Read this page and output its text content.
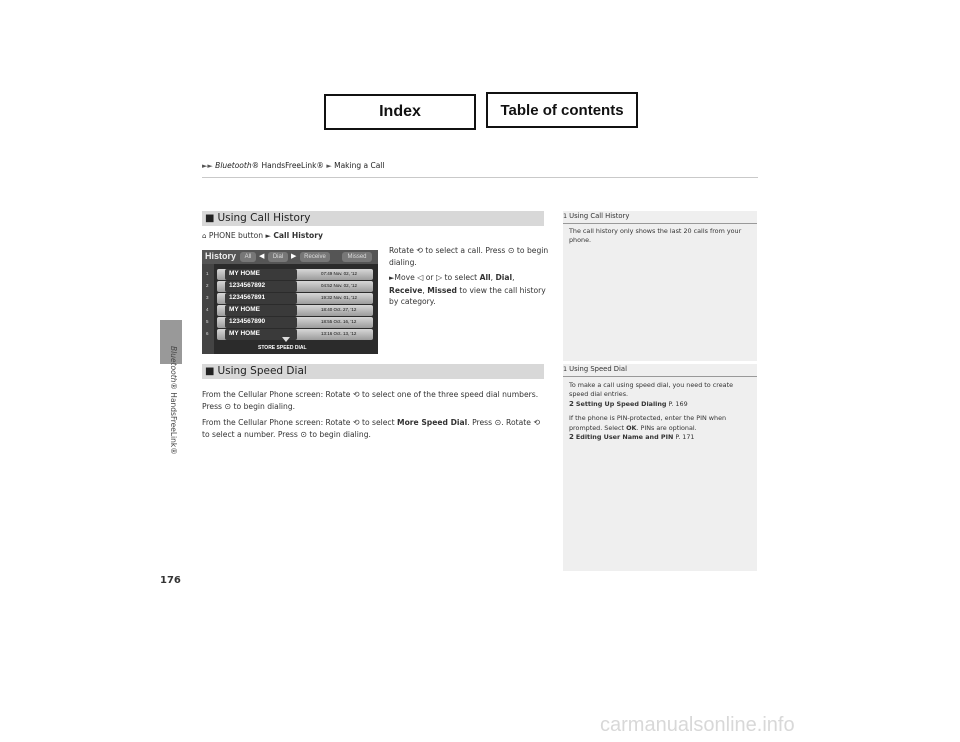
Index	Table of contents
►► Bluetooth® HandsFreeLink® ► Making a Call
Bluetooth® HandsFreeLink®
176
■ Using Call History
⌂ PHONE button ► Call History
Rotate ⟲ to select a call. Press ⊙ to begin dialing.
►Move ◁ or ▷ to select All, Dial, Receive, Missed to view the call history by category.
History	All	◀	Dial	▶	Receive	Missed
1	MY HOME	07:49 Nov. 02, '12
2	1234567892	04:52 Nov. 02, '12
3	1234567891	19:32 Nov. 01, '12
4	MY HOME	18:40 Oct. 27, '12
5	1234567890	18:55 Oct. 16, '12
6	MY HOME	13:16 Oct. 13, '12
STORE SPEED DIAL
■ Using Speed Dial
From the Cellular Phone screen: Rotate ⟲ to select one of the three speed dial numbers. Press ⊙ to begin dialing.
From the Cellular Phone screen: Rotate ⟲ to select More Speed Dial. Press ⊙. Rotate ⟲ to select a number. Press ⊙ to begin dialing.
1 Using Call History
The call history only shows the last 20 calls from your phone.
1 Using Speed Dial

To make a call using speed dial, you need to create speed dial entries.
2 Setting Up Speed Dialing P. 169

If the phone is PIN-protected, enter the PIN when prompted. Select OK. PINs are optional.
2 Editing User Name and PIN P. 171

carmanualsonline.info
